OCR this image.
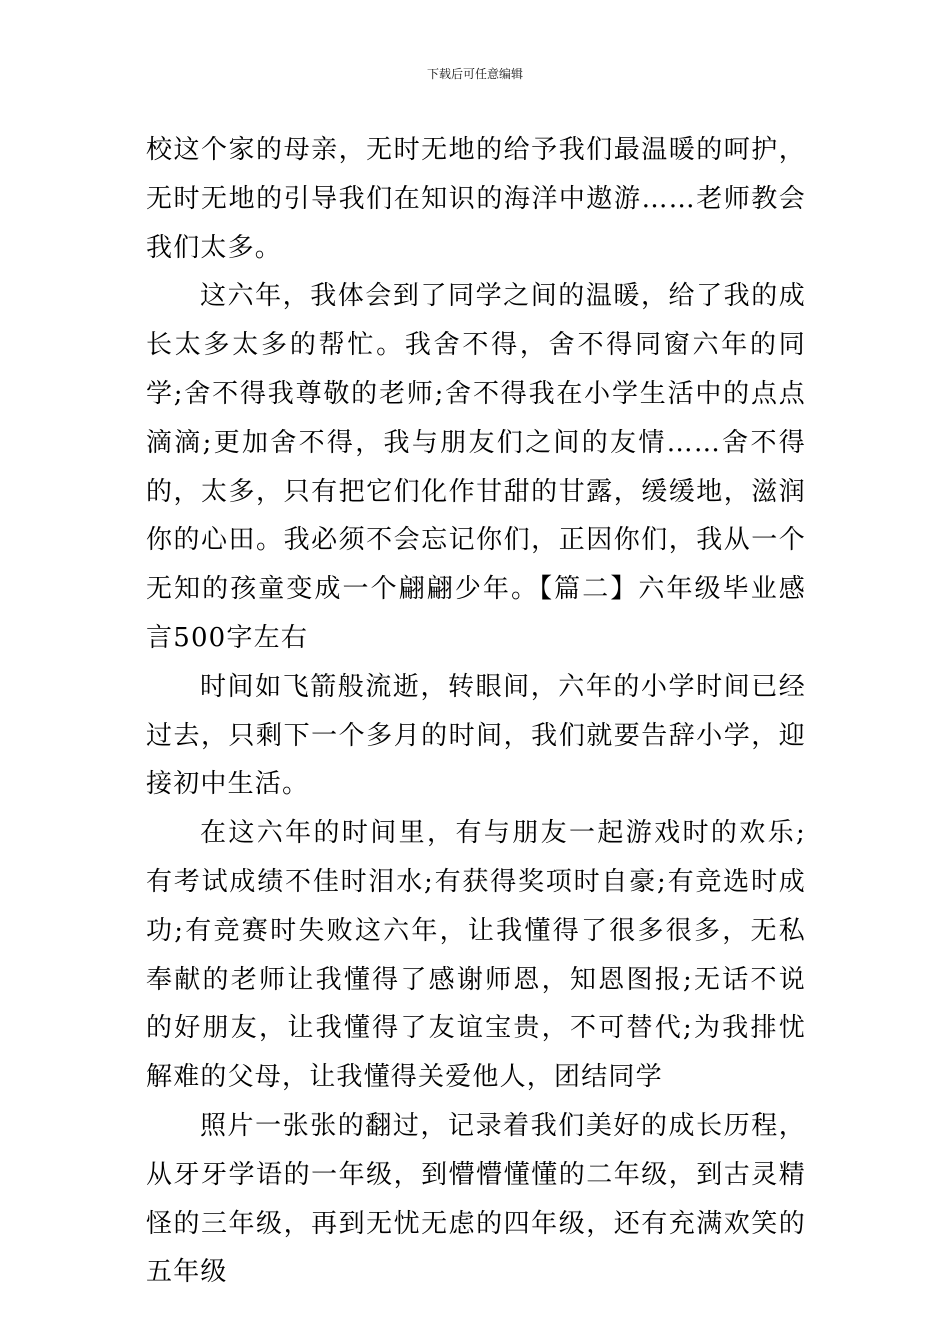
下载后可任意编辑

校这个家的母亲，无时无地的给予我们最温暖的呵护，无时无地的引导我们在知识的海洋中遨游……老师教会我们太多。

这六年，我体会到了同学之间的温暖，给了我的成长太多太多的帮忙。我舍不得，舍不得同窗六年的同学;舍不得我尊敬的老师;舍不得我在小学生活中的点点滴滴;更加舍不得，我与朋友们之间的友情……舍不得的，太多，只有把它们化作甘甜的甘露，缓缓地，滋润你的心田。我必须不会忘记你们，正因你们，我从一个无知的孩童变成一个翩翩少年。【篇二】六年级毕业感言500字左右

时间如飞箭般流逝，转眼间，六年的小学时间已经过去，只剩下一个多月的时间，我们就要告辞小学，迎接初中生活。

在这六年的时间里，有与朋友一起游戏时的欢乐;有考试成绩不佳时泪水;有获得奖项时自豪;有竞选时成功;有竞赛时失败这六年，让我懂得了很多很多，无私奉献的老师让我懂得了感谢师恩，知恩图报;无话不说的好朋友，让我懂得了友谊宝贵，不可替代;为我排忧解难的父母，让我懂得关爱他人，团结同学

照片一张张的翻过，记录着我们美好的成长历程，从牙牙学语的一年级，到懵懵懂懂的二年级，到古灵精怪的三年级，再到无忧无虑的四年级，还有充满欢笑的五年级
